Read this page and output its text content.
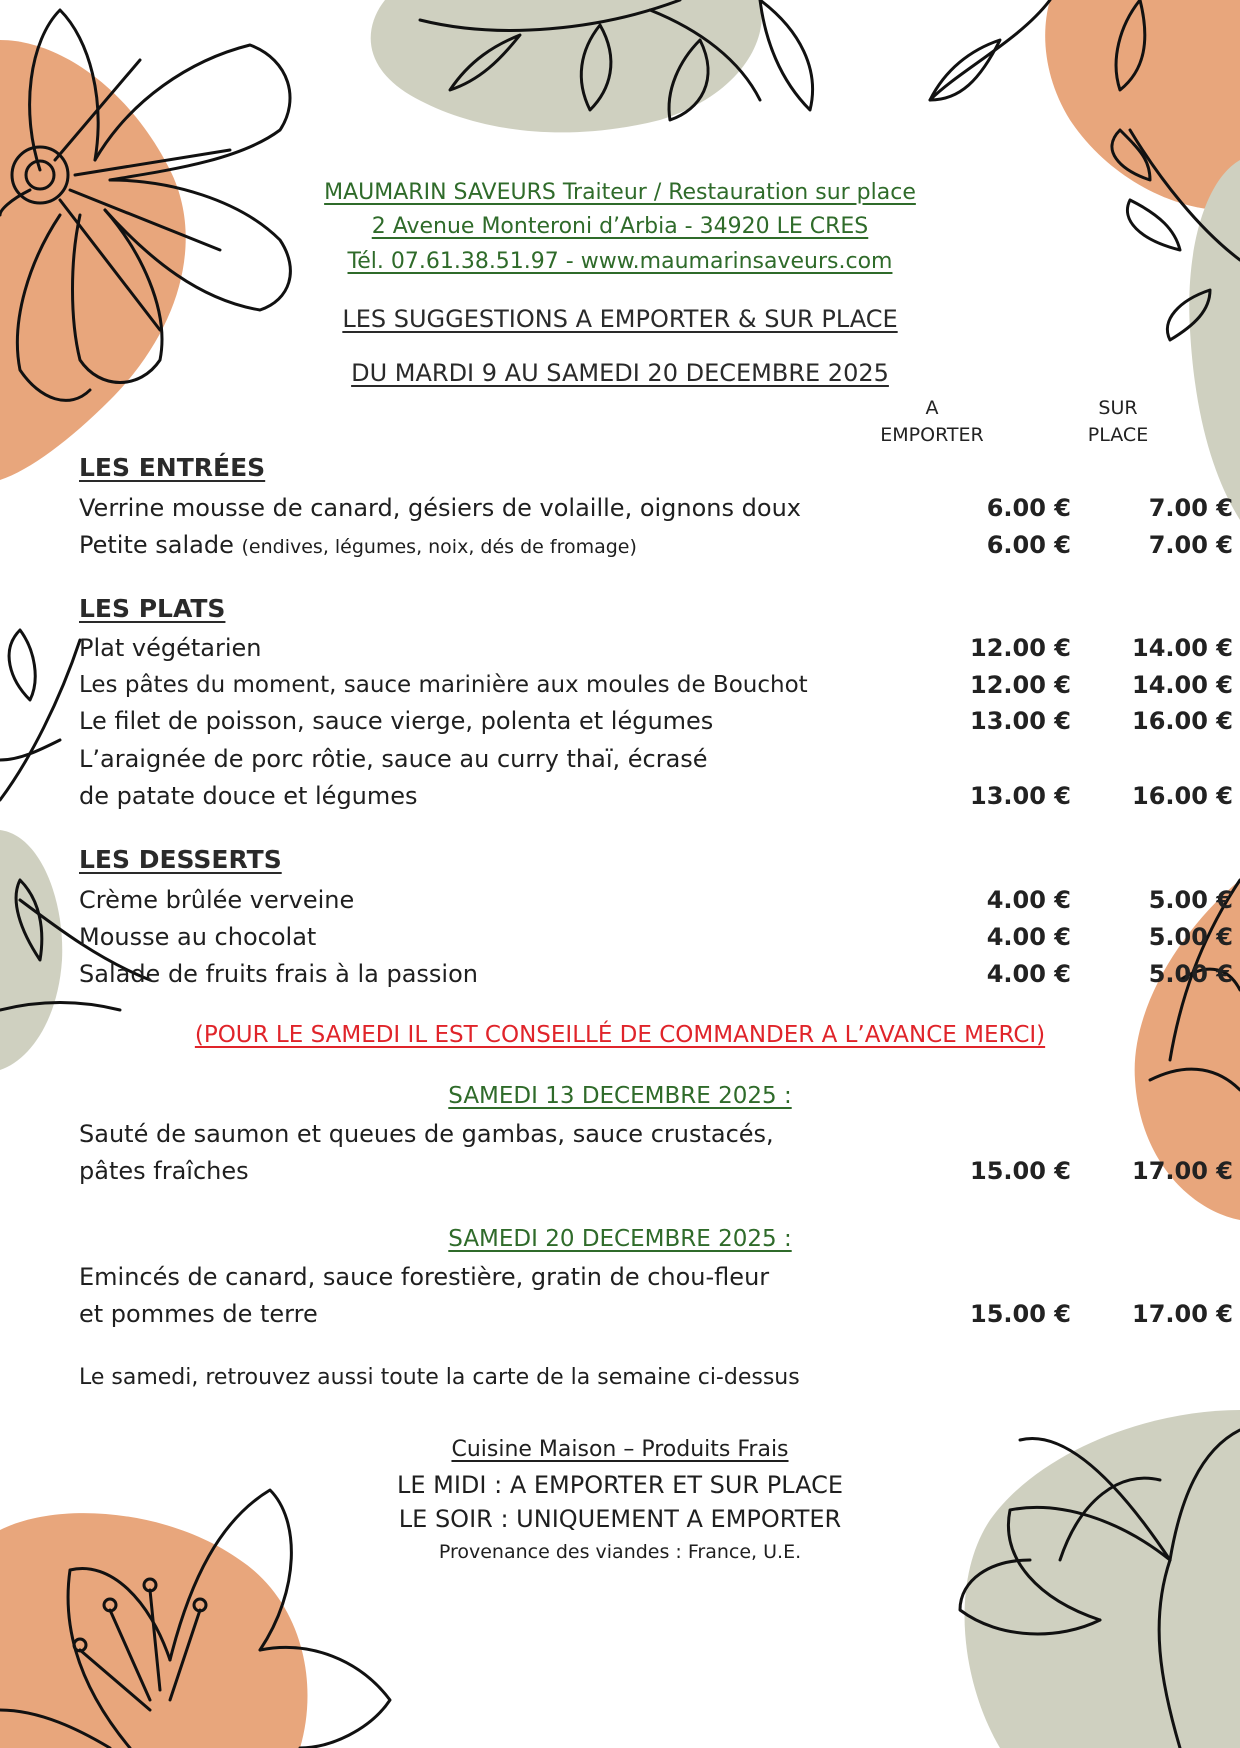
MAUMARIN SAVEURS Traiteur / Restauration sur place
2 Avenue Monteroni d’Arbia - 34920 LE CRES
Tél. 07.61.38.51.97 - www.maumarinsaveurs.com
LES SUGGESTIONS A EMPORTER & SUR PLACE
DU MARDI 9 AU SAMEDI 20 DECEMBRE 2025
A
EMPORTER
SUR
PLACE
LES ENTRÉES
Verrine mousse de canard, gésiers de volaille, oignons doux	6.00 €	7.00 €
Petite salade (endives, légumes, noix, dés de fromage)	6.00 €	7.00 €
LES PLATS
Plat végétarien	12.00 €	14.00 €
Les pâtes du moment, sauce marinière aux moules de Bouchot	12.00 €	14.00 €
Le filet de poisson, sauce vierge, polenta et légumes	13.00 €	16.00 €
L’araignée de porc rôtie, sauce au curry thaï, écrasé
de patate douce et légumes	13.00 €	16.00 €
LES DESSERTS
Crème brûlée verveine	4.00 €	5.00 €
Mousse au chocolat	4.00 €	5.00 €
Salade de fruits frais à la passion	4.00 €	5.00 €
(POUR LE SAMEDI IL EST CONSEILLÉ DE COMMANDER A L’AVANCE MERCI)
SAMEDI 13 DECEMBRE 2025 :
Sauté de saumon et queues de gambas, sauce crustacés,
pâtes fraîches	15.00 €	17.00 €
SAMEDI 20 DECEMBRE 2025 :
Emincés de canard, sauce forestière, gratin de chou-fleur
et pommes de terre	15.00 €	17.00 €
Le samedi, retrouvez aussi toute la carte de la semaine ci-dessus
Cuisine Maison – Produits Frais
LE MIDI : A EMPORTER ET SUR PLACE
LE SOIR : UNIQUEMENT A EMPORTER
Provenance des viandes : France, U.E.
